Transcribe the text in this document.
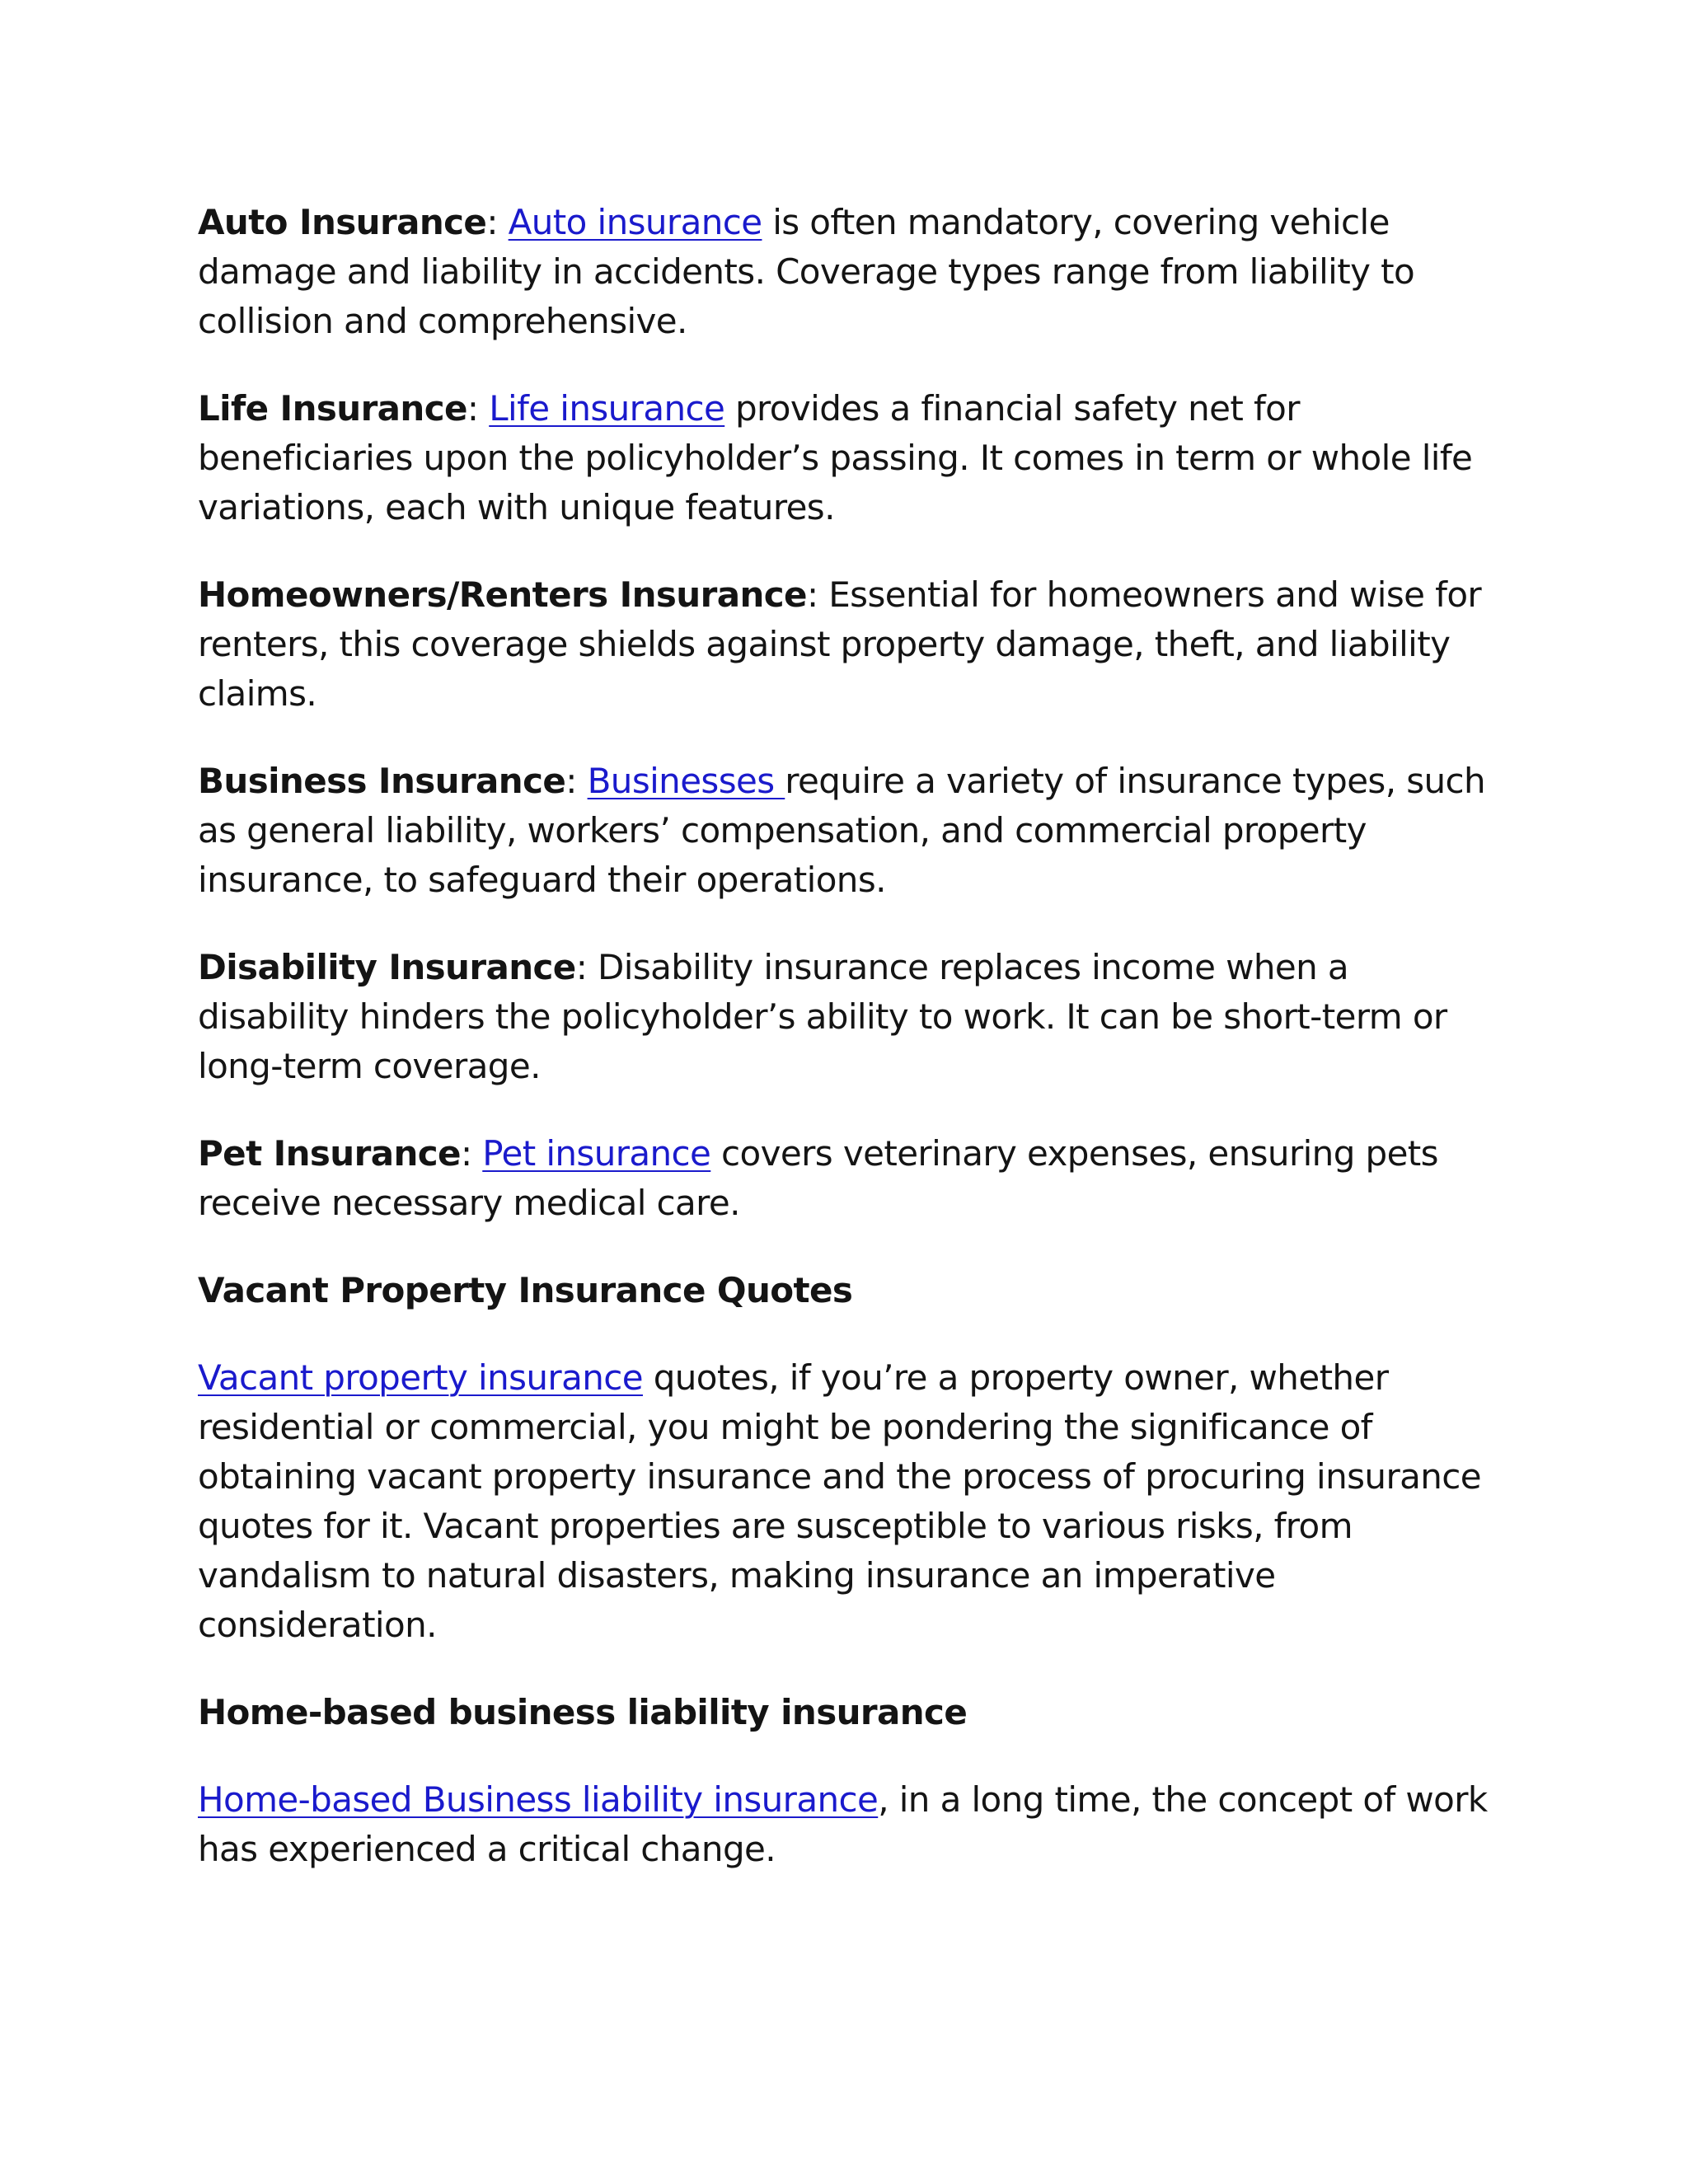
Auto Insurance: Auto insurance is often mandatory, covering vehicle damage and liability in accidents. Coverage types range from liability to collision and comprehensive.

Life Insurance: Life insurance provides a financial safety net for beneficiaries upon the policyholder’s passing. It comes in term or whole life variations, each with unique features.

Homeowners/Renters Insurance: Essential for homeowners and wise for renters, this coverage shields against property damage, theft, and liability claims.

Business Insurance: Businesses require a variety of insurance types, such as general liability, workers’ compensation, and commercial property insurance, to safeguard their operations.

Disability Insurance: Disability insurance replaces income when a disability hinders the policyholder’s ability to work. It can be short-term or long-term coverage.

Pet Insurance: Pet insurance covers veterinary expenses, ensuring pets receive necessary medical care.

Vacant Property Insurance Quotes

Vacant property insurance quotes, if you’re a property owner, whether residential or commercial, you might be pondering the significance of obtaining vacant property insurance and the process of procuring insurance quotes for it. Vacant properties are susceptible to various risks, from vandalism to natural disasters, making insurance an imperative consideration.

Home-based business liability insurance

Home-based Business liability insurance, in a long time, the concept of work has experienced a critical change.
